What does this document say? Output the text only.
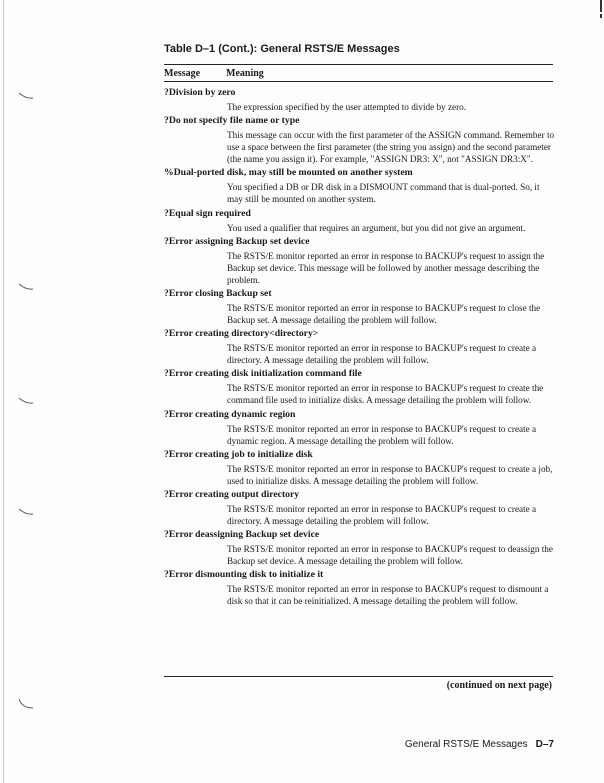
Table D–1 (Cont.): General RSTS/E Messages
Message	Meaning
?Division by zero
The expression specified by the user attempted to divide by zero.
?Do not specify file name or type
This message can occur with the first parameter of the ASSIGN command. Remember to use a space between the first parameter (the string you assign) and the second parameter (the name you assign it). For example, "ASSIGN DR3: X", not "ASSIGN DR3:X".
%Dual-ported disk, may still be mounted on another system
You specified a DB or DR disk in a DISMOUNT command that is dual-ported. So, it may still be mounted on another system.
?Equal sign required
You used a qualifier that requires an argument, but you did not give an argument.
?Error assigning Backup set device
The RSTS/E monitor reported an error in response to BACKUP's request to assign the Backup set device. This message will be followed by another message describing the problem.
?Error closing Backup set
The RSTS/E monitor reported an error in response to BACKUP's request to close the Backup set. A message detailing the problem will follow.
?Error creating directory<directory>
The RSTS/E monitor reported an error in response to BACKUP's request to create a directory. A message detailing the problem will follow.
?Error creating disk initialization command file
The RSTS/E monitor reported an error in response to BACKUP's request to create the command file used to initialize disks. A message detailing the problem will follow.
?Error creating dynamic region
The RSTS/E monitor reported an error in response to BACKUP's request to create a dynamic region. A message detailing the problem will follow.
?Error creating job to initialize disk
The RSTS/E monitor reported an error in response to BACKUP's request to create a job, used to initialize disks. A message detailing the problem will follow.
?Error creating output directory
The RSTS/E monitor reported an error in response to BACKUP's request to create a directory. A message detailing the problem will follow.
?Error deassigning Backup set device
The RSTS/E monitor reported an error in response to BACKUP's request to deassign the Backup set device. A message detailing the problem will follow.
?Error dismounting disk to initialize it
The RSTS/E monitor reported an error in response to BACKUP's request to dismount a disk so that it can be reinitialized. A message detailing the problem will follow.
(continued on next page)
General RSTS/E Messages D–7
